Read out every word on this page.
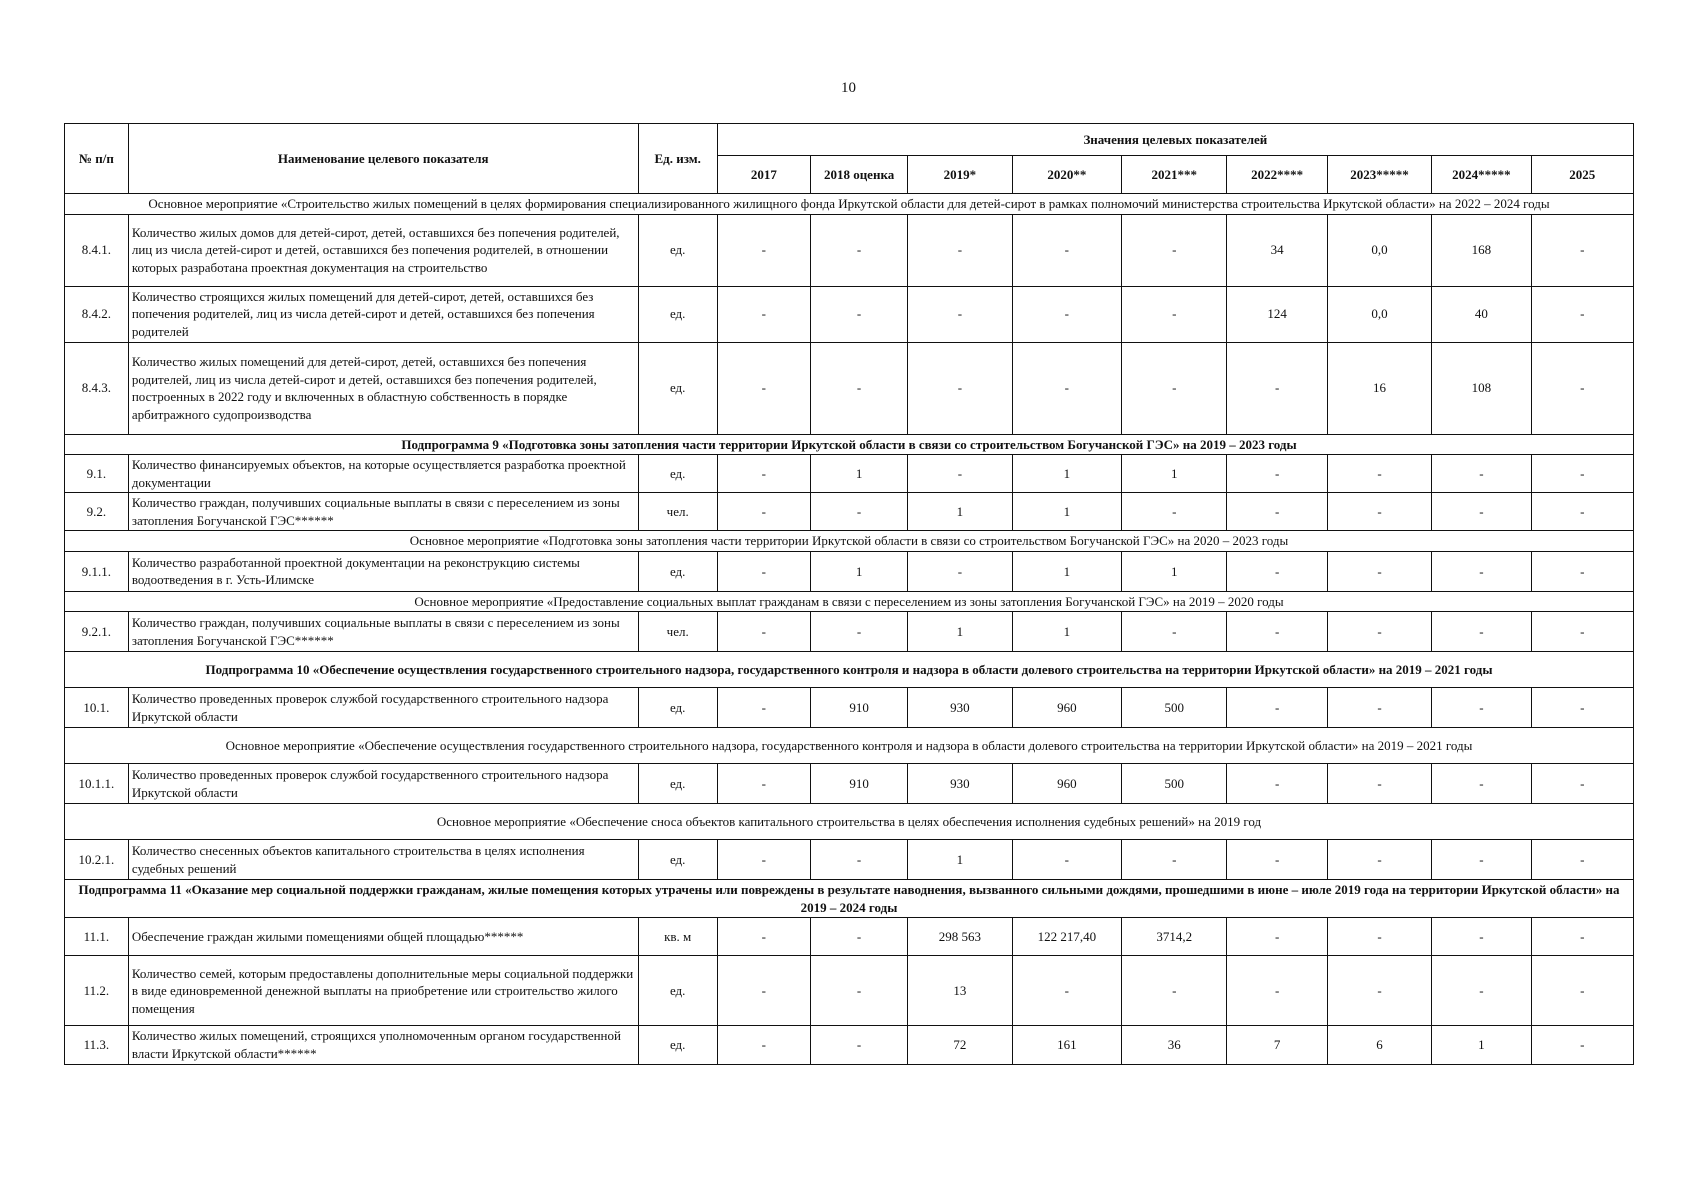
10
№ п/п	Наименование целевого показателя	Ед. изм.	Значения целевых показателей								
			2017	2018 оценка	2019*	2020**	2021***	2022****	2023*****	2024*****	2025
Основное мероприятие «Строительство жилых помещений в целях формирования специализированного жилищного фонда Иркутской области для детей-сирот в рамках полномочий министерства строительства Иркутской области» на 2022 – 2024 годы											
8.4.1.	Количество жилых домов для детей-сирот, детей, оставшихся без попечения родителей, лиц из числа детей-сирот и детей, оставшихся без попечения родителей, в отношении которых разработана проектная документация на строительство	ед.	-	-	-	-	-	34	0,0	168	-
8.4.2.	Количество строящихся жилых помещений для детей-сирот, детей, оставшихся без попечения родителей, лиц из числа детей-сирот и детей, оставшихся без попечения родителей	ед.	-	-	-	-	-	124	0,0	40	-
8.4.3.	Количество жилых помещений для детей-сирот, детей, оставшихся без попечения родителей, лиц из числа детей-сирот и детей, оставшихся без попечения родителей, построенных в 2022 году и включенных в областную собственность в порядке арбитражного судопроизводства	ед.	-	-	-	-	-	-	16	108	-
Подпрограмма 9 «Подготовка зоны затопления части территории Иркутской области в связи со строительством Богучанской ГЭС» на 2019 – 2023 годы											
9.1.	Количество финансируемых объектов, на которые осуществляется разработка проектной документации	ед.	-	1	-	1	1	-	-	-	-
9.2.	Количество граждан, получивших социальные выплаты в связи с переселением из зоны затопления Богучанской ГЭС******	чел.	-	-	1	1	-	-	-	-	-
Основное мероприятие «Подготовка зоны затопления части территории Иркутской области в связи со строительством Богучанской ГЭС» на 2020 – 2023 годы											
9.1.1.	Количество разработанной проектной документации на реконструкцию системы водоотведения в г. Усть-Илимске	ед.	-	1	-	1	1	-	-	-	-
Основное мероприятие «Предоставление социальных выплат гражданам в связи с переселением из зоны затопления Богучанской ГЭС» на 2019 – 2020 годы											
9.2.1.	Количество граждан, получивших социальные выплаты в связи с переселением из зоны затопления Богучанской ГЭС******	чел.	-	-	1	1	-	-	-	-	-
Подпрограмма 10 «Обеспечение осуществления государственного строительного надзора, государственного контроля и надзора в области долевого строительства на территории Иркутской области» на 2019 – 2021 годы											
10.1.	Количество проведенных проверок службой государственного строительного надзора Иркутской области	ед.	-	910	930	960	500	-	-	-	-
Основное мероприятие «Обеспечение осуществления государственного строительного надзора, государственного контроля и надзора в области долевого строительства на территории Иркутской области» на 2019 – 2021 годы											
10.1.1.	Количество проведенных проверок службой государственного строительного надзора Иркутской области	ед.	-	910	930	960	500	-	-	-	-
Основное мероприятие «Обеспечение сноса объектов капитального строительства в целях обеспечения исполнения судебных решений» на 2019 год											
10.2.1.	Количество снесенных объектов капитального строительства в целях исполнения судебных решений	ед.	-	-	1	-	-	-	-	-	-
Подпрограмма 11 «Оказание мер социальной поддержки гражданам, жилые помещения которых утрачены или повреждены в результате наводнения, вызванного сильными дождями, прошедшими в июне – июле 2019 года на территории Иркутской области» на 2019 – 2024 годы											
11.1.	Обеспечение граждан жилыми помещениями общей площадью******	кв. м	-	-	298 563	122 217,40	3714,2	-	-	-	-
11.2.	Количество семей, которым предоставлены дополнительные меры социальной поддержки в виде единовременной денежной выплаты на приобретение или строительство жилого помещения	ед.	-	-	13	-	-	-	-	-	-
11.3.	Количество жилых помещений, строящихся уполномоченным органом государственной власти Иркутской области******	ед.	-	-	72	161	36	7	6	1	-
